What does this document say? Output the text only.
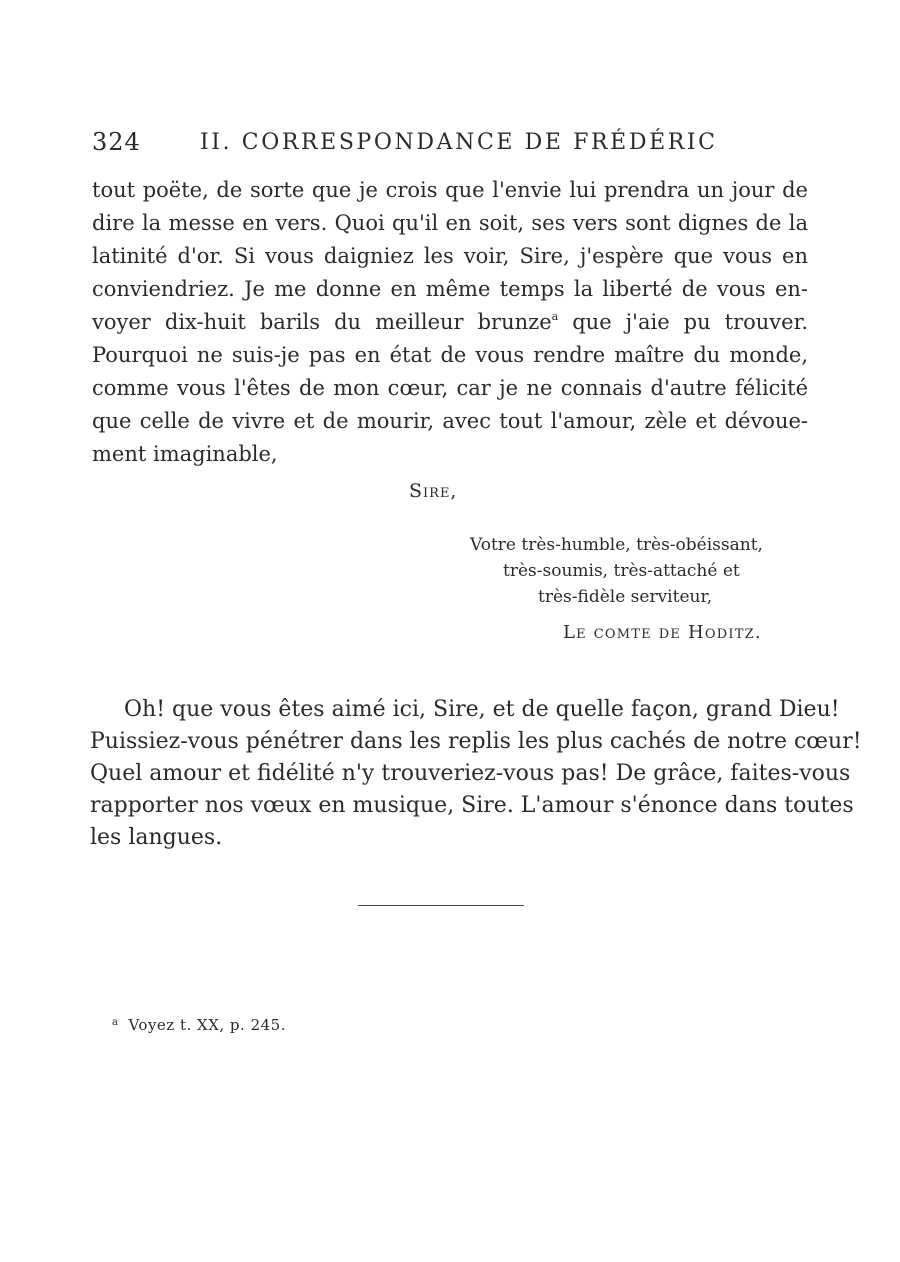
324	II. CORRESPONDANCE DE FRÉDÉRIC
tout poëte, de sorte que je crois que l'envie lui prendra un jour de
dire la messe en vers. Quoi qu'il en soit, ses vers sont dignes de la
latinité d'or. Si vous daigniez les voir, Sire, j'espère que vous en
conviendriez. Je me donne en même temps la liberté de vous en-
voyer dix-huit barils du meilleur brunze$^a$ que j'aie pu trouver.
Pourquoi ne suis-je pas en état de vous rendre maître du monde,
comme vous l'êtes de mon cœur, car je ne connais d'autre félicité
que celle de vivre et de mourir, avec tout l'amour, zèle et dévoue-
ment imaginable,
Sire,
Votre très-humble, très-obéissant,
très-soumis, très-attaché et
très-fidèle serviteur,
Le comte de Hoditz.
Oh! que vous êtes aimé ici, Sire, et de quelle façon, grand Dieu!
Puissiez-vous pénétrer dans les replis les plus cachés de notre cœur!
Quel amour et fidélité n'y trouveriez-vous pas! De grâce, faites-vous
rapporter nos vœux en musique, Sire. L'amour s'énonce dans toutes
les langues.
$^a$ Voyez t. XX, p. 245.
